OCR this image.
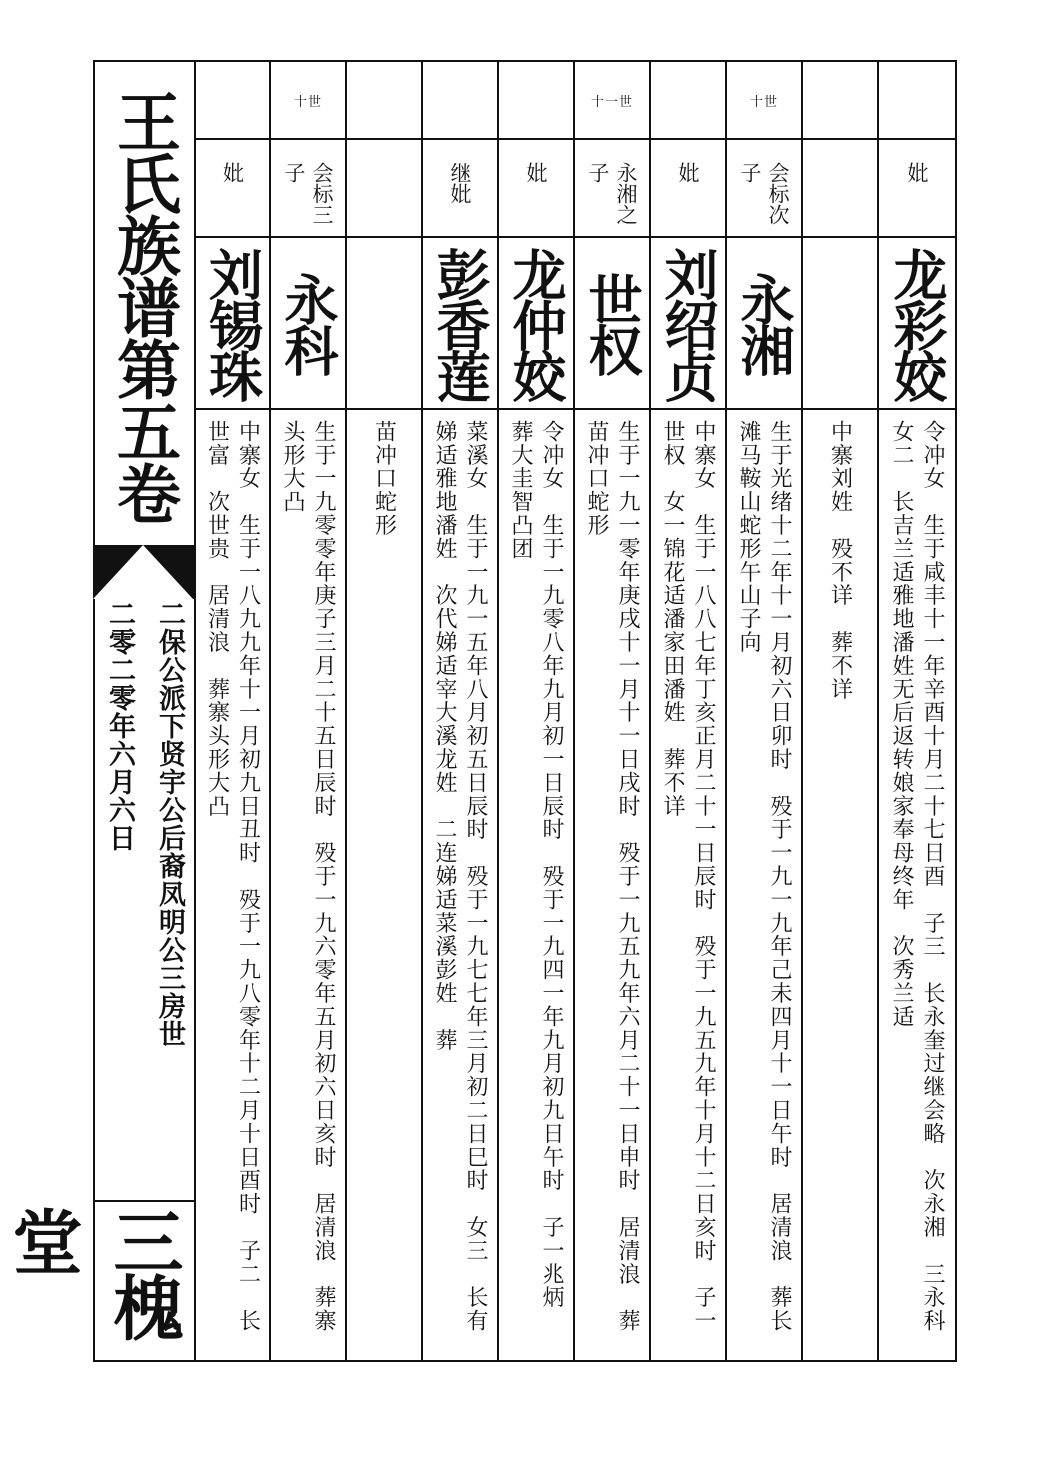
王氏族谱第五卷
二保公派下贤宇公后裔凤明公三房世
二零二零年六月六日
三槐堂
妣
龙彩姣
令冲女　生于咸丰十一年辛酉十月二十七日酉　子三　长永奎过继会略　次永湘　三永科　女二　长吉兰适雅地潘姓无后返转娘家奉母终年　次秀兰适
中寨刘姓　殁不详　葬不详
十世
会标次子
永湘
生于光绪十二年十一月初六日卯时　殁于一九一九年己未四月十一日午时　居清浪　葬长滩马鞍山蛇形午山子向
妣
刘绍贞
中寨女　生于一八八七年丁亥正月二十一日辰时　殁于一九五九年十月十二日亥时　子一世权　女一锦花适潘家田潘姓　葬不详
十一世
永湘之子
世权
生于一九一零年庚戌十一月十一日戌时　殁于一九五九年六月二十一日申时　居清浪　葬苗冲口蛇形
妣
龙仲姣
令冲女　生于一九零八年九月初一日辰时　殁于一九四一年九月初九日午时　子一兆炳　葬大圭智凸团
继妣
彭香莲
菜溪女　生于一九一五年八月初五日辰时　殁于一九七七年三月初二日巳时　女三　长有娣适雅地潘姓　次代娣适宰大溪龙姓　二连娣适菜溪彭姓　葬
苗冲口蛇形
十世
会标三子
永科
生于一九零零年庚子三月二十五日辰时　殁于一九六零年五月初六日亥时　居清浪　葬寨头形大凸
妣
刘锡珠
中寨女　生于一八九九年十一月初九日丑时　殁于一九八零年十二月十日酉时　子二　长世富　次世贵　居清浪　葬寨头形大凸
